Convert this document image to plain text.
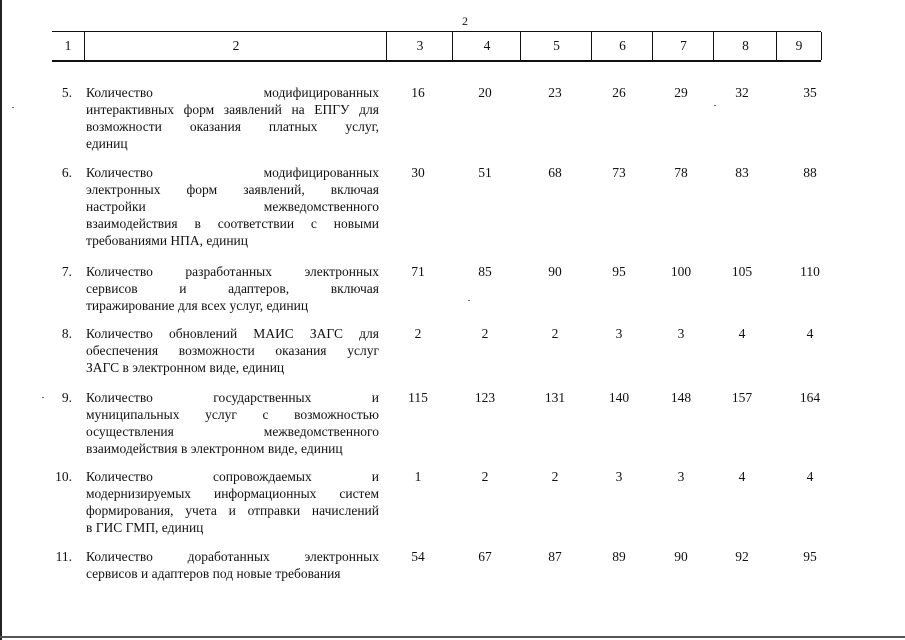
2
1	2	3	4	5	6	7	8	9
5. Количество модифицированных
интерактивных форм заявлений на ЕПГУ для
возможности оказания платных услуг,
единиц
16	20	23	26	29	32	35
6. Количество модифицированных
электронных форм заявлений, включая
настройки межведомственного
взаимодействия в соответствии с новыми
требованиями НПА, единиц
30	51	68	73	78	83	88
7. Количество разработанных электронных
сервисов и адаптеров, включая
тиражирование для всех услуг, единиц
71	85	90	95	100	105	110
8. Количество обновлений МАИС ЗАГС для
обеспечения возможности оказания услуг
ЗАГС в электронном виде, единиц
2	2	2	3	3	4	4
9. Количество государственных и
муниципальных услуг с возможностью
осуществления межведомственного
взаимодействия в электронном виде, единиц
115	123	131	140	148	157	164
10. Количество сопровождаемых и
модернизируемых информационных систем
формирования, учета и отправки начислений
в ГИС ГМП, единиц
1	2	2	3	3	4	4
11. Количество доработанных электронных
сервисов и адаптеров под новые требования
54	67	87	89	90	92	95
